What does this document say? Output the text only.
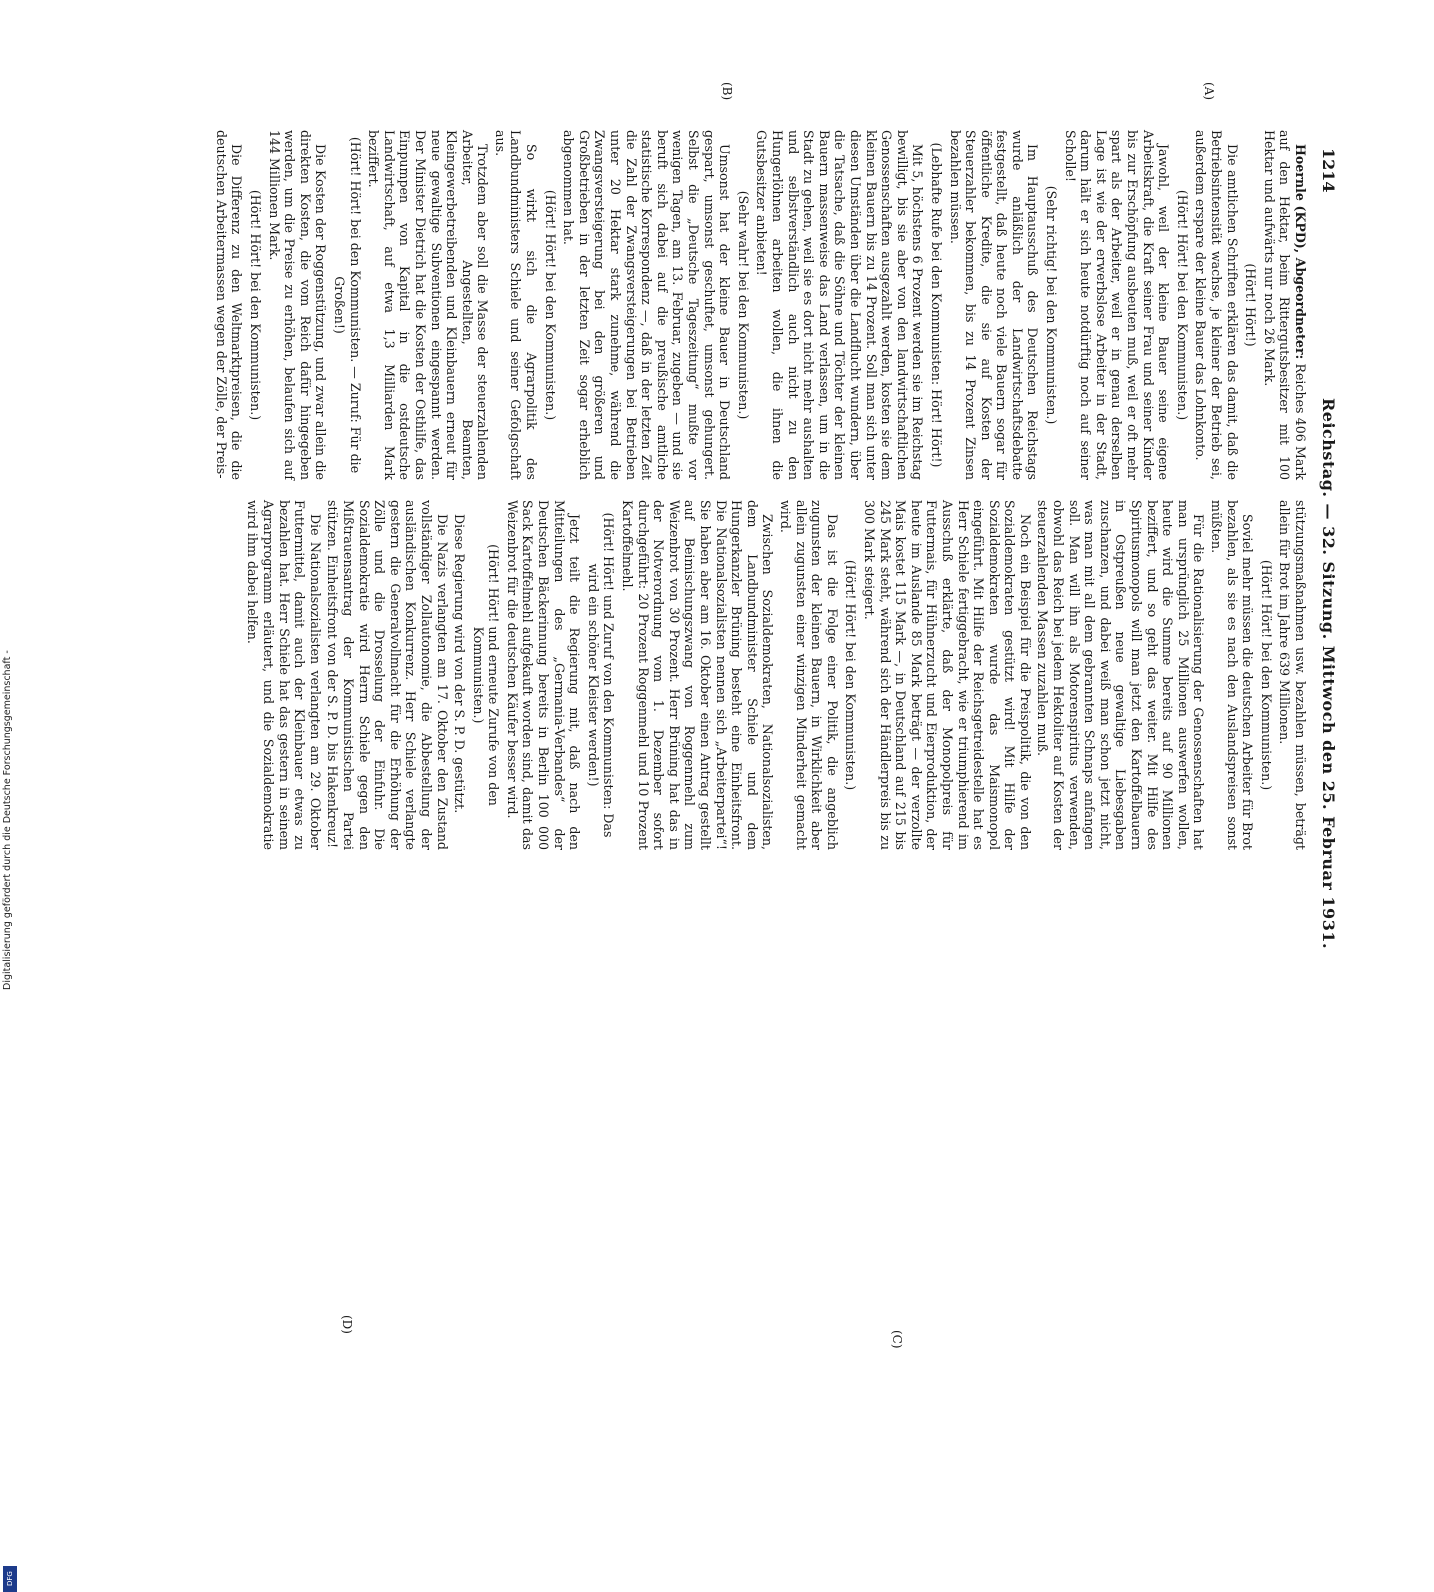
1214
Reichstag. — 32. Sitzung. Mittwoch den 25. Februar 1931.
(A)
(B)
(C)
(D)

Hoernle (KPD), Abgeordneter: Reiches 406 Mark auf den Hektar, beim Rittergutsbesitzer mit 100 Hektar und aufwärts nur noch 26 Mark.

(Hört! Hört!)

Die amtlichen Schriften erklären das damit, daß die Betriebsintensität wachse, je kleiner der Betrieb sei, außerdem erspare der kleine Bauer das Lohnkonto.

(Hört! Hört! bei den Kommunisten.)

Jawohl, weil der kleine Bauer seine eigene Arbeitskraft, die Kraft seiner Frau und seiner Kinder bis zur Erschöpfung ausbeuten muß, weil er oft mehr spart als der Arbeiter, weil er in genau derselben Lage ist wie der erwerbslose Arbeiter in der Stadt, darum hält er sich heute notdürftig noch auf seiner Scholle!

(Sehr richtig! bei den Kommunisten.)

Im Hauptausschuß des Deutschen Reichstags wurde anläßlich der Landwirtschaftsdebatte festgestellt, daß heute noch viele Bauern sogar für öffentliche Kredite, die sie auf Kosten der Steuerzahler bekommen, bis zu 14 Prozent Zinsen bezahlen müssen.

(Lebhafte Rufe bei den Kommunisten: Hört! Hört!)

Mit 5, höchstens 6 Prozent werden sie im Reichstag bewilligt, bis sie aber von den landwirtschaftlichen Genossenschaften ausgezahlt werden, kosten sie dem kleinen Bauern bis zu 14 Prozent. Soll man sich unter diesen Umständen über die Landflucht wundern, über die Tatsache, daß die Söhne und Töchter der kleinen Bauern massenweise das Land verlassen, um in die Stadt zu gehen, weil sie es dort nicht mehr aushalten und selbstverständlich auch nicht zu den Hungerlöhnen arbeiten wollen, die ihnen die Gutsbesitzer anbieten!

(Sehr wahr! bei den Kommunisten.)

Umsonst hat der kleine Bauer in Deutschland gespart, umsonst geschuftet, umsonst gehungert. Selbst die „Deutsche Tageszeitung“ mußte vor wenigen Tagen, am 13. Februar, zugeben — und sie beruft sich dabei auf die preußische amtliche statistische Korrespondenz —, daß in der letzten Zeit die Zahl der Zwangsversteigerungen bei Betrieben unter 20 Hektar stark zunehme, während die Zwangsversteigerung bei den größeren und Großbetrieben in der letzten Zeit sogar erheblich abgenommen hat.

(Hört! Hört! bei den Kommunisten.)

So wirkt sich die Agrarpolitik des Landbundministers Schiele und seiner Gefolgschaft aus.

Trotzdem aber soll die Masse der steuerzahlenden Arbeiter, Angestellten, Beamten, Kleingewerbetreibenden und Kleinbauern erneut für neue gewaltige Subventionen eingespannt werden. Der Minister Dietrich hat die Kosten der Osthilfe, das Einpumpen von Kapital in die ostdeutsche Landwirtschaft, auf etwa 1,3 Milliarden Mark beziffert.

(Hört! Hört! bei den Kommunisten. — Zuruf: Für die Großen!)

Die Kosten der Roggenstützung, und zwar allein die direkten Kosten, die vom Reich dafür hingegeben werden, um die Preise zu erhöhen, belaufen sich auf 144 Millionen Mark.

(Hört! Hört! bei den Kommunisten.)

Die Differenz zu den Weltmarktpreisen, die die deutschen Arbeitermassen wegen der Zölle, der Preis-

stützungsmaßnahmen usw. bezahlen müssen, beträgt allein für Brot im Jahre 639 Millionen.

(Hört! Hört! bei den Kommunisten.)

Soviel mehr müssen die deutschen Arbeiter für Brot bezahlen, als sie es nach den Auslandspreisen sonst müßten.

Für die Rationalisierung der Genossenschaften hat man ursprünglich 25 Millionen auswerfen wollen, heute wird die Summe bereits auf 90 Millionen beziffert, und so geht das weiter. Mit Hilfe des Spiritusmonopols will man jetzt den Kartoffelbauern in Ostpreußen neue gewaltige Liebesgaben zuschanzen, und dabei weiß man schon jetzt nicht, was man mit all dem gebrannten Schnaps anfangen soll. Man will ihn als Motorenspiritus verwenden, obwohl das Reich bei jedem Hektoliter auf Kosten der steuerzahlenden Massen zuzahlen muß.

Noch ein Beispiel für die Preispolitik, die von den Sozialdemokraten gestützt wird! Mit Hilfe der Sozialdemokraten wurde das Maismonopol eingeführt. Mit Hilfe der Reichsgetreidestelle hat es Herr Schiele fertiggebracht, wie er triumphierend im Ausschuß erklärte, daß der Monopolpreis für Futtermais, für Hühnerzucht und Eierproduktion, der heute im Auslande 85 Mark beträgt — der verzollte Mais kostet 115 Mark —, in Deutschland auf 215 bis 245 Mark steht, während sich der Händlerpreis bis zu 300 Mark steigert.

(Hört! Hört! bei den Kommunisten.)

Das ist die Folge einer Politik, die angeblich zugunsten der kleinen Bauern, in Wirklichkeit aber allein zugunsten einer winzigen Minderheit gemacht wird.

Zwischen Sozialdemokraten, Nationalsozialisten, dem Landbundminister Schiele und dem Hungerkanzler Brüning besteht eine Einheitsfront. Die Nationalsozialisten nennen sich „Arbeiterpartei“! Sie haben aber am 16. Oktober einen Antrag gestellt auf Beimischungszwang von Roggenmehl zum Weizenbrot von 30 Prozent. Herr Brüning hat das in der Notverordnung vom 1. Dezember sofort durchgeführt: 20 Prozent Roggenmehl und 10 Prozent Kartoffelmehl.

(Hört! Hört! und Zuruf von den Kommunisten: Das wird ein schöner Kleister werden!)

Jetzt teilt die Regierung mit, daß nach den Mitteilungen des „Germania-Verbandes“ der Deutschen Bäckerinnung bereits in Berlin 100 000 Sack Kartoffelmehl aufgekauft worden sind, damit das Weizenbrot für die deutschen Käufer besser wird.

(Hört! Hört! und erneute Zurufe von den Kommunisten.)

Diese Regierung wird von der S. P. D. gestützt.

Die Nazis verlangten am 17. Oktober den Zustand vollständiger Zollautonomie, die Abbestellung der ausländischen Konkurrenz. Herr Schiele verlangte gestern die Generalvollmacht für die Erhöhung der Zölle und die Drosselung der Einfuhr. Die Sozialdemokratie wird Herrn Schiele gegen den Mißtrauensantrag der Kommunistischen Partei stützen. Einheitsfront von der S. P. D. bis Hakenkreuz!

Die Nationalsozialisten verlangten am 29. Oktober Futtermittel, damit auch der Kleinbauer etwas zu bezahlen hat. Herr Schiele hat das gestern in seinem Agrarprogramm erläutert, und die Sozialdemokratie wird ihm dabei helfen.

Digitalisierung gefördert durch die Deutsche Forschungsgemeinschaft -
DFG
